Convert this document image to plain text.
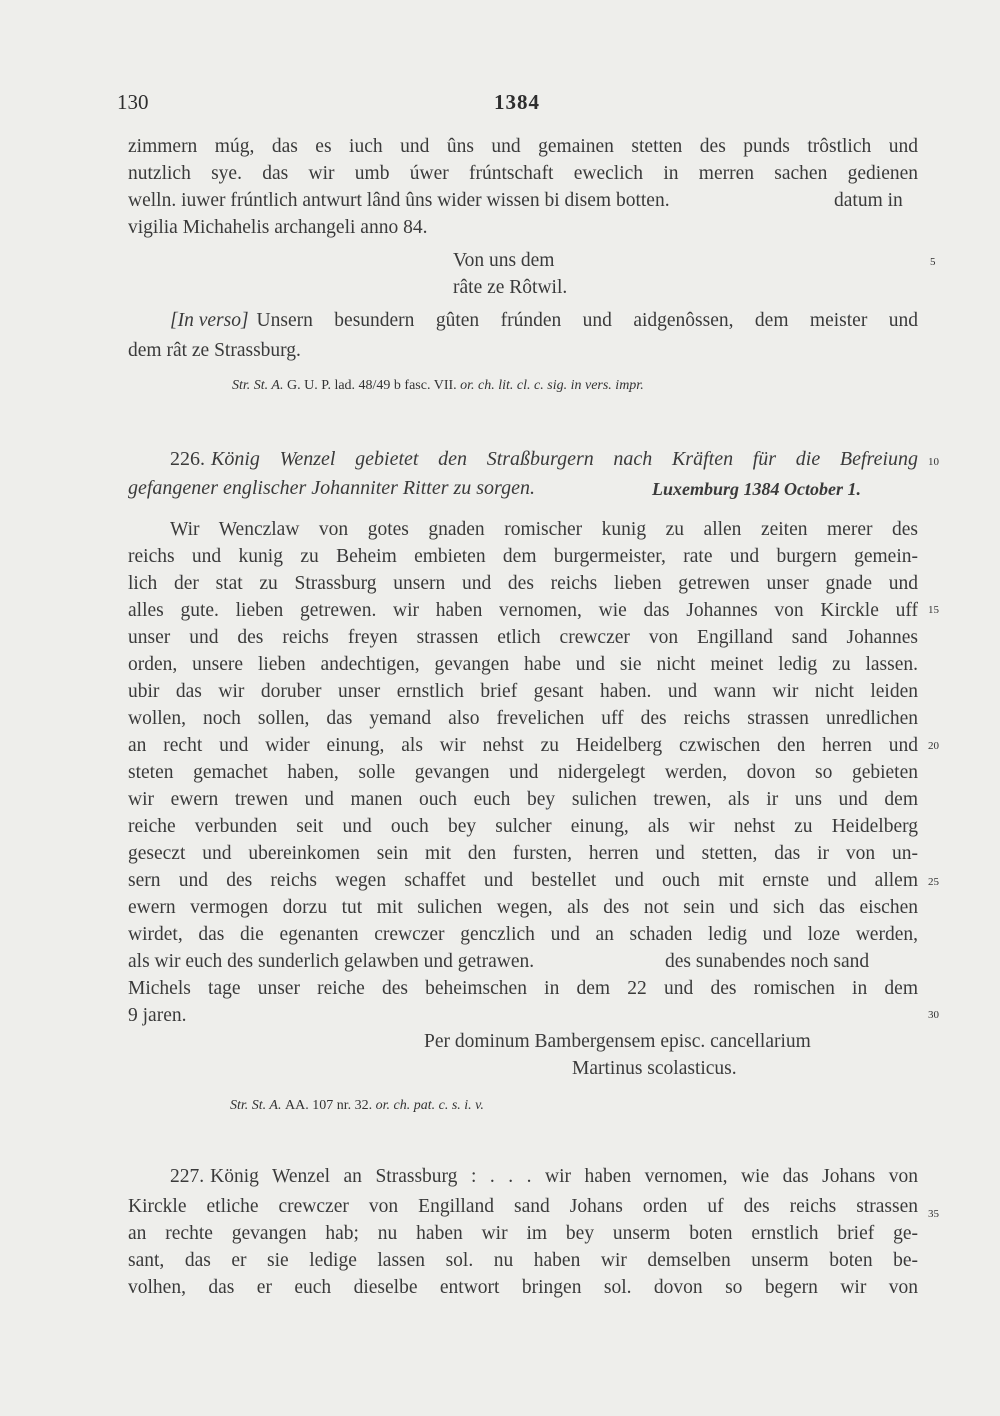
130	1384
zimmern múg, das es iuch und ûns und gemainen stetten des punds trôstlich und
nutzlich sye. das wir umb úwer frúntschaft eweclich in merren sachen gedienen
welln. iuwer frúntlich antwurt lând ûns wider wissen bi disem botten.	datum in
vigilia Michahelis archangeli anno 84.
Von uns dem
râte ze Rôtwil.
[In verso] Unsern besundern gûten frúnden und aidgenôssen, dem meister und
dem rât ze Strassburg.
Str. St. A. G. U. P. lad. 48/49 b fasc. VII. or. ch. lit. cl. c. sig. in vers. impr.
226. König Wenzel gebietet den Straßburgern nach Kräften für die Befreiung
gefangener englischer Johanniter Ritter zu sorgen.	Luxemburg 1384 October 1.
Wir Wenczlaw von gotes gnaden romischer kunig zu allen zeiten merer des
reichs und kunig zu Beheim embieten dem burgermeister, rate und burgern gemein-
lich der stat zu Strassburg unsern und des reichs lieben getrewen unser gnade und
alles gute. lieben getrewen. wir haben vernomen, wie das Johannes von Kirckle uff
unser und des reichs freyen strassen etlich crewczer von Engilland sand Johannes
orden, unsere lieben andechtigen, gevangen habe und sie nicht meinet ledig zu lassen.
ubir das wir doruber unser ernstlich brief gesant haben. und wann wir nicht leiden
wollen, noch sollen, das yemand also frevelichen uff des reichs strassen unredlichen
an recht und wider einung, als wir nehst zu Heidelberg czwischen den herren und
steten gemachet haben, solle gevangen und nidergelegt werden, dovon so gebieten
wir ewern trewen und manen ouch euch bey sulichen trewen, als ir uns und dem
reiche verbunden seit und ouch bey sulcher einung, als wir nehst zu Heidelberg
geseczt und ubereinkomen sein mit den fursten, herren und stetten, das ir von un-
sern und des reichs wegen schaffet und bestellet und ouch mit ernste und allem
ewern vermogen dorzu tut mit sulichen wegen, als des not sein und sich das eischen
wirdet, das die egenanten crewczer genczlich und an schaden ledig und loze werden,
als wir euch des sunderlich gelawben und getrawen.	des sunabendes noch sand
Michels tage unser reiche des beheimschen in dem 22 und des romischen in dem
9 jaren.
Per dominum Bambergensem episc. cancellarium
Martinus scolasticus.
Str. St. A. AA. 107 nr. 32. or. ch. pat. c. s. i. v.
227. König Wenzel an Strassburg : . . . wir haben vernomen, wie das Johans von
Kirckle etliche crewczer von Engilland sand Johans orden uf des reichs strassen
an rechte gevangen hab; nu haben wir im bey unserm boten ernstlich brief ge-
sant, das er sie ledige lassen sol. nu haben wir demselben unserm boten be-
volhen, das er euch dieselbe entwort bringen sol. dovon so begern wir von
5
10
15
20
25
30
35
